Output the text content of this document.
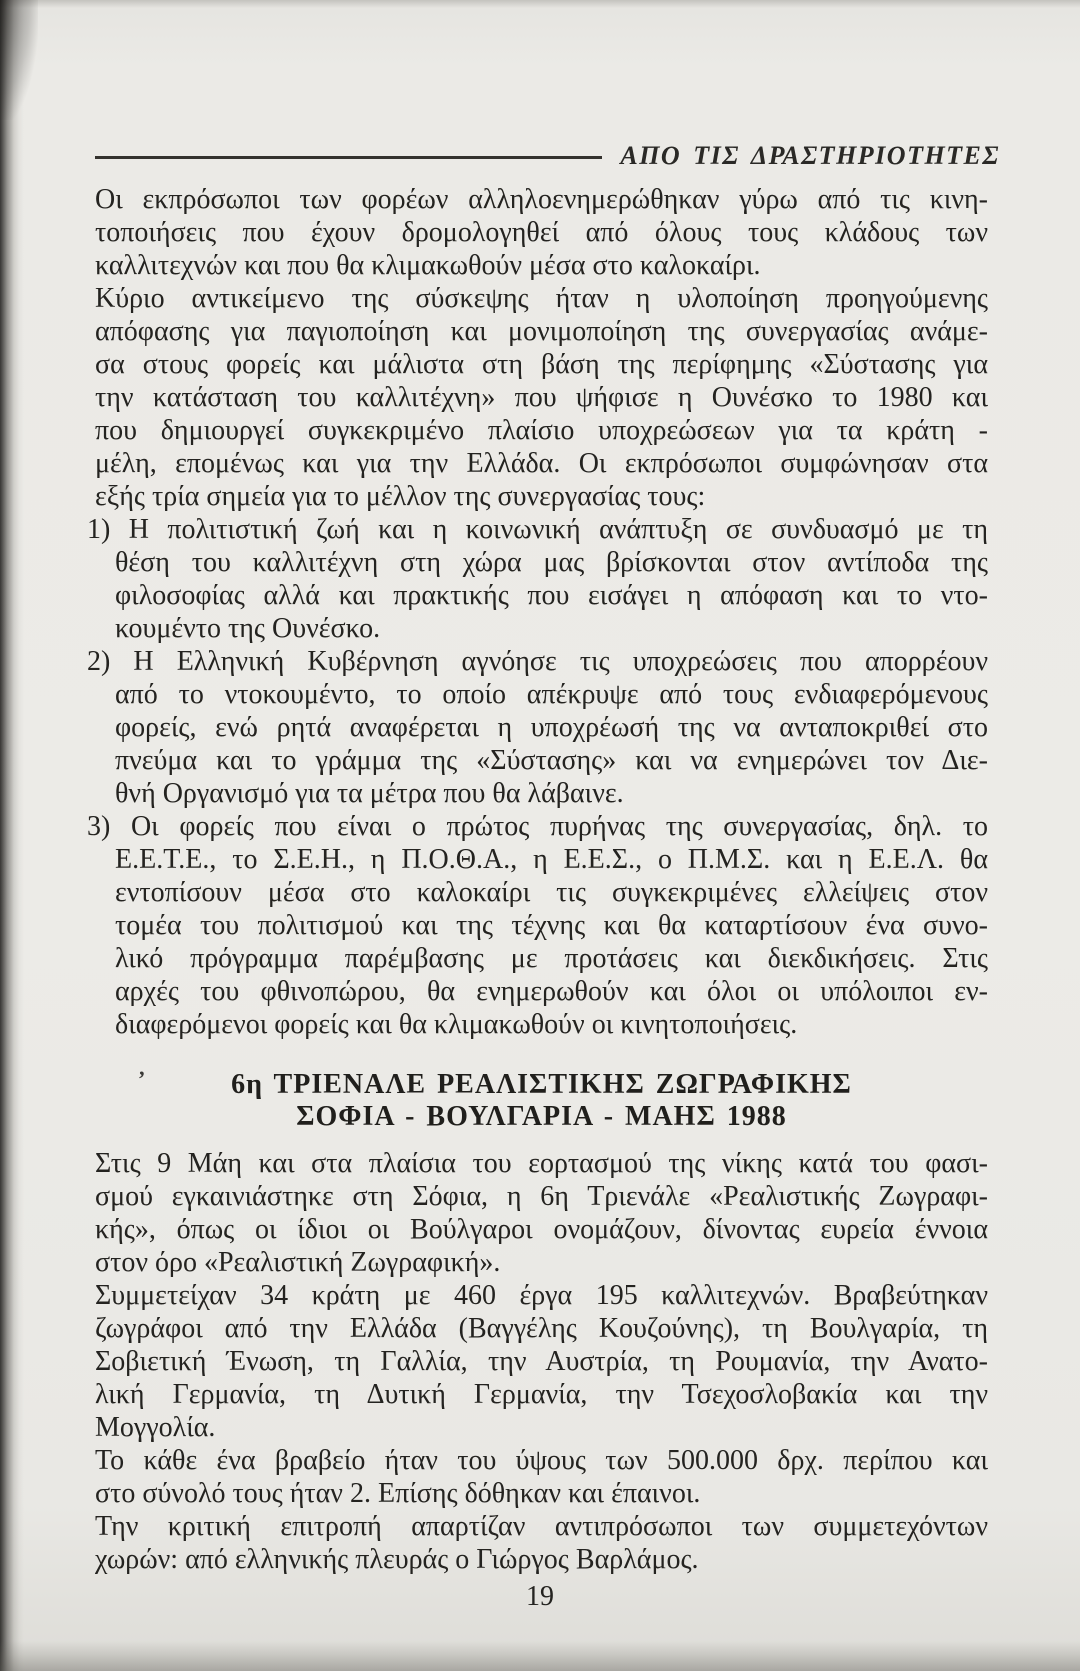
ΑΠΟ ΤΙΣ ΔΡΑΣΤΗΡΙΟΤΗΤΕΣ
’
Οι εκπρόσωποι των φορέων αλληλοενημερώθηκαν γύρω από τις κινη-
τοποιήσεις που έχουν δρομολογηθεί από όλους τους κλάδους των
καλλιτεχνών και που θα κλιμακωθούν μέσα στο καλοκαίρι.
Κύριο αντικείμενο της σύσκεψης ήταν η υλοποίηση προηγούμενης
απόφασης για παγιοποίηση και μονιμοποίηση της συνεργασίας ανάμε-
σα στους φορείς και μάλιστα στη βάση της περίφημης «Σύστασης για
την κατάσταση του καλλιτέχνη» που ψήφισε η Ουνέσκο το 1980 και
που δημιουργεί συγκεκριμένο πλαίσιο υποχρεώσεων για τα κράτη -
μέλη, επομένως και για την Ελλάδα. Οι εκπρόσωποι συμφώνησαν στα
εξής τρία σημεία για το μέλλον της συνεργασίας τους:
1) Η πολιτιστική ζωή και η κοινωνική ανάπτυξη σε συνδυασμό με τη
θέση του καλλιτέχνη στη χώρα μας βρίσκονται στον αντίποδα της
φιλοσοφίας αλλά και πρακτικής που εισάγει η απόφαση και το ντο-
κουμέντο της Ουνέσκο.
2) Η Ελληνική Κυβέρνηση αγνόησε τις υποχρεώσεις που απορρέουν
από το ντοκουμέντο, το οποίο απέκρυψε από τους ενδιαφερόμενους
φορείς, ενώ ρητά αναφέρεται η υποχρέωσή της να ανταποκριθεί στο
πνεύμα και το γράμμα της «Σύστασης» και να ενημερώνει τον Διε-
θνή Οργανισμό για τα μέτρα που θα λάβαινε.
3) Οι φορείς που είναι ο πρώτος πυρήνας της συνεργασίας, δηλ. το
Ε.Ε.Τ.Ε., το Σ.Ε.Η., η Π.Ο.Θ.Α., η Ε.Ε.Σ., ο Π.Μ.Σ. και η Ε.Ε.Λ. θα
εντοπίσουν μέσα στο καλοκαίρι τις συγκεκριμένες ελλείψεις στον
τομέα του πολιτισμού και της τέχνης και θα καταρτίσουν ένα συνο-
λικό πρόγραμμα παρέμβασης με προτάσεις και διεκδικήσεις. Στις
αρχές του φθινοπώρου, θα ενημερωθούν και όλοι οι υπόλοιποι εν-
διαφερόμενοι φορείς και θα κλιμακωθούν οι κινητοποιήσεις.
6η ΤΡΙΕΝΑΛΕ ΡΕΑΛΙΣΤΙΚΗΣ ΖΩΓΡΑΦΙΚΗΣ
ΣΟΦΙΑ - ΒΟΥΛΓΑΡΙΑ - ΜΑΗΣ 1988
Στις 9 Μάη και στα πλαίσια του εορτασμού της νίκης κατά του φασι-
σμού εγκαινιάστηκε στη Σόφια, η 6η Τριενάλε «Ρεαλιστικής Ζωγραφι-
κής», όπως οι ίδιοι οι Βούλγαροι ονομάζουν, δίνοντας ευρεία έννοια
στον όρο «Ρεαλιστική Ζωγραφική».
Συμμετείχαν 34 κράτη με 460 έργα 195 καλλιτεχνών. Βραβεύτηκαν
ζωγράφοι από την Ελλάδα (Βαγγέλης Κουζούνης), τη Βουλγαρία, τη
Σοβιετική Ένωση, τη Γαλλία, την Αυστρία, τη Ρουμανία, την Ανατο-
λική Γερμανία, τη Δυτική Γερμανία, την Τσεχοσλοβακία και την
Μογγολία.
Το κάθε ένα βραβείο ήταν του ύψους των 500.000 δρχ. περίπου και
στο σύνολό τους ήταν 2. Επίσης δόθηκαν και έπαινοι.
Την κριτική επιτροπή απαρτίζαν αντιπρόσωποι των συμμετεχόντων
χωρών: από ελληνικής πλευράς ο Γιώργος Βαρλάμος.
19
